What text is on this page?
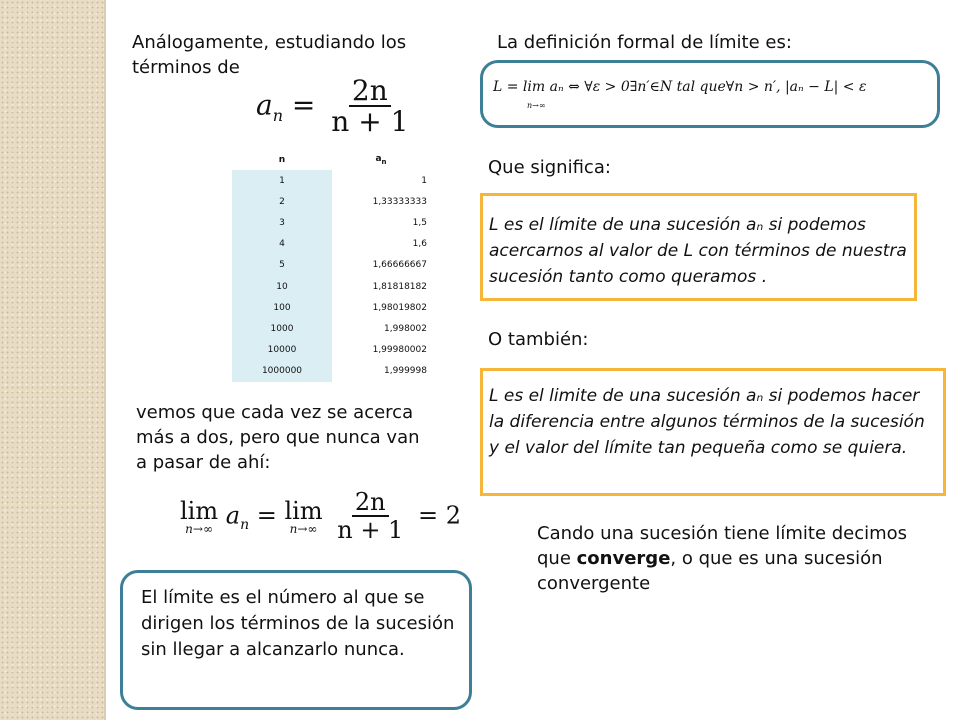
Análogamente, estudiando los términos de
$a_n = \frac{2n}{n + 1}$
n	$a_n$
1	1
2	1,33333333
3	1,5
4	1,6
5	1,66666667
10	1,81818182
100	1,98019802
1000	1,998002
10000	1,99980002
1000000	1,999998
vemos que cada vez se acerca más a dos, pero que nunca van a pasar de ahí:
lim
n→∞ $a_n = \lim$
n→∞
$\frac{2n}{n + 1} = 2$
El límite es el número al que se dirigen los términos de la sucesión sin llegar a alcanzarlo nunca.
La definición formal de límite es:
L = lim aₙ ⇔ ∀ε > 0∃n′∈N tal que∀n > n′, |aₙ − L| < ε
n→∞
Que significa:
L es el límite de una sucesión aₙ si podemos acercarnos al valor de L con términos de nuestra sucesión tanto como queramos .
O también:
L es el limite de una sucesión aₙ si podemos hacer la diferencia entre algunos términos de la sucesión y el valor del límite tan pequeña como se quiera.
Cando una sucesión tiene límite decimos que converge, o que es una sucesión convergente
